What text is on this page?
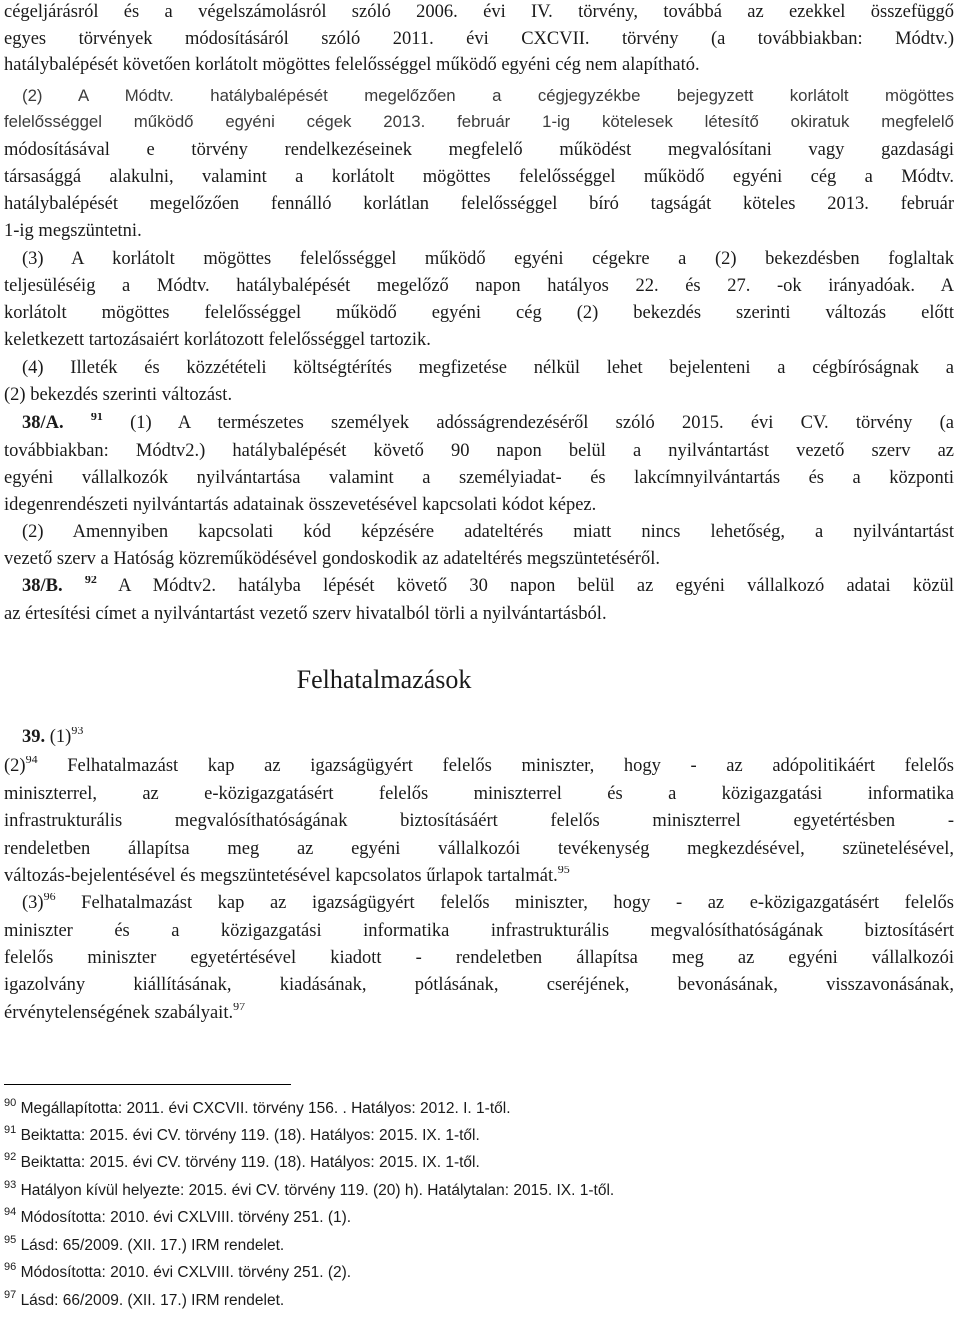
cégeljárásról és a végelszámolásról szóló 2006. évi IV. törvény, továbbá az ezekkel összefüggő
egyes törvények módosításáról szóló 2011. évi CXCVII. törvény (a továbbiakban: Módtv.)
hatálybalépését követően korlátolt mögöttes felelősséggel működő egyéni cég nem alapítható.
(2) A Módtv. hatálybalépését megelőzően a cégjegyzékbe bejegyzett korlátolt mögöttes
felelősséggel működő egyéni cégek 2013. február 1-ig kötelesek létesítő okiratuk megfelelő
módosításával e törvény rendelkezéseinek megfelelő működést megvalósítani vagy gazdasági
társasággá alakulni, valamint a korlátolt mögöttes felelősséggel működő egyéni cég a Módtv.
hatálybalépését megelőzően fennálló korlátlan felelősséggel bíró tagságát köteles 2013. február
1-ig megszüntetni.
(3) A korlátolt mögöttes felelősséggel működő egyéni cégekre a (2) bekezdésben foglaltak
teljesüléséig a Módtv. hatálybalépését megelőző napon hatályos 22. és 27. -ok irányadóak. A
korlátolt mögöttes felelősséggel működő egyéni cég (2) bekezdés szerinti változás előtt
keletkezett tartozásaiért korlátozott felelősséggel tartozik.
(4) Illeték és közzétételi költségtérítés megfizetése nélkül lehet bejelenteni a cégbíróságnak a
(2) bekezdés szerinti változást.
38/A. $^{91}$ (1) A természetes személyek adósságrendezéséről szóló 2015. évi CV. törvény (a
továbbiakban: Módtv2.) hatálybalépését követő 90 napon belül a nyilvántartást vezető szerv az
egyéni vállalkozók nyilvántartása valamint a személyiadat- és lakcímnyilvántartás és a központi
idegenrendészeti nyilvántartás adatainak összevetésével kapcsolati kódot képez.
(2) Amennyiben kapcsolati kód képzésére adateltérés miatt nincs lehetőség, a nyilvántartást
vezető szerv a Hatóság közreműködésével gondoskodik az adateltérés megszüntetéséről.
38/B. $^{92}$ A Módtv2. hatályba lépését követő 30 napon belül az egyéni vállalkozó adatai közül
az értesítési címet a nyilvántartást vezető szerv hivatalból törli a nyilvántartásból.
Felhatalmazások
39. $(1)^{93}$
$(2)^{94}$ Felhatalmazást kap az igazságügyért felelős miniszter, hogy - az adópolitikáért felelős
miniszterrel, az e-közigazgatásért felelős miniszterrel és a közigazgatási informatika
infrastrukturális megvalósíthatóságának biztosításáért felelős miniszterrel egyetértésben -
rendeletben állapítsa meg az egyéni vállalkozói tevékenység megkezdésével, szünetelésével,
változás-bejelentésével és megszüntetésével kapcsolatos űrlapok tartalmát.$^{95}$
$(3)^{96}$ Felhatalmazást kap az igazságügyért felelős miniszter, hogy - az e-közigazgatásért felelős
miniszter és a közigazgatási informatika infrastrukturális megvalósíthatóságának biztosításért
felelős miniszter egyetértésével kiadott - rendeletben állapítsa meg az egyéni vállalkozói
igazolvány kiállításának, kiadásának, pótlásának, cseréjének, bevonásának, visszavonásának,
érvénytelenségének szabályait.$^{97}$
$^{90}$ Megállapította: 2011. évi CXCVII. törvény 156. . Hatályos: 2012. I. 1-től.
$^{91}$ Beiktatta: 2015. évi CV. törvény 119. (18). Hatályos: 2015. IX. 1-től.
$^{92}$ Beiktatta: 2015. évi CV. törvény 119. (18). Hatályos: 2015. IX. 1-től.
$^{93}$ Hatályon kívül helyezte: 2015. évi CV. törvény 119. (20) h). Hatálytalan: 2015. IX. 1-től.
$^{94}$ Módosította: 2010. évi CXLVIII. törvény 251. (1).
$^{95}$ Lásd: 65/2009. (XII. 17.) IRM rendelet.
$^{96}$ Módosította: 2010. évi CXLVIII. törvény 251. (2).
$^{97}$ Lásd: 66/2009. (XII. 17.) IRM rendelet.
